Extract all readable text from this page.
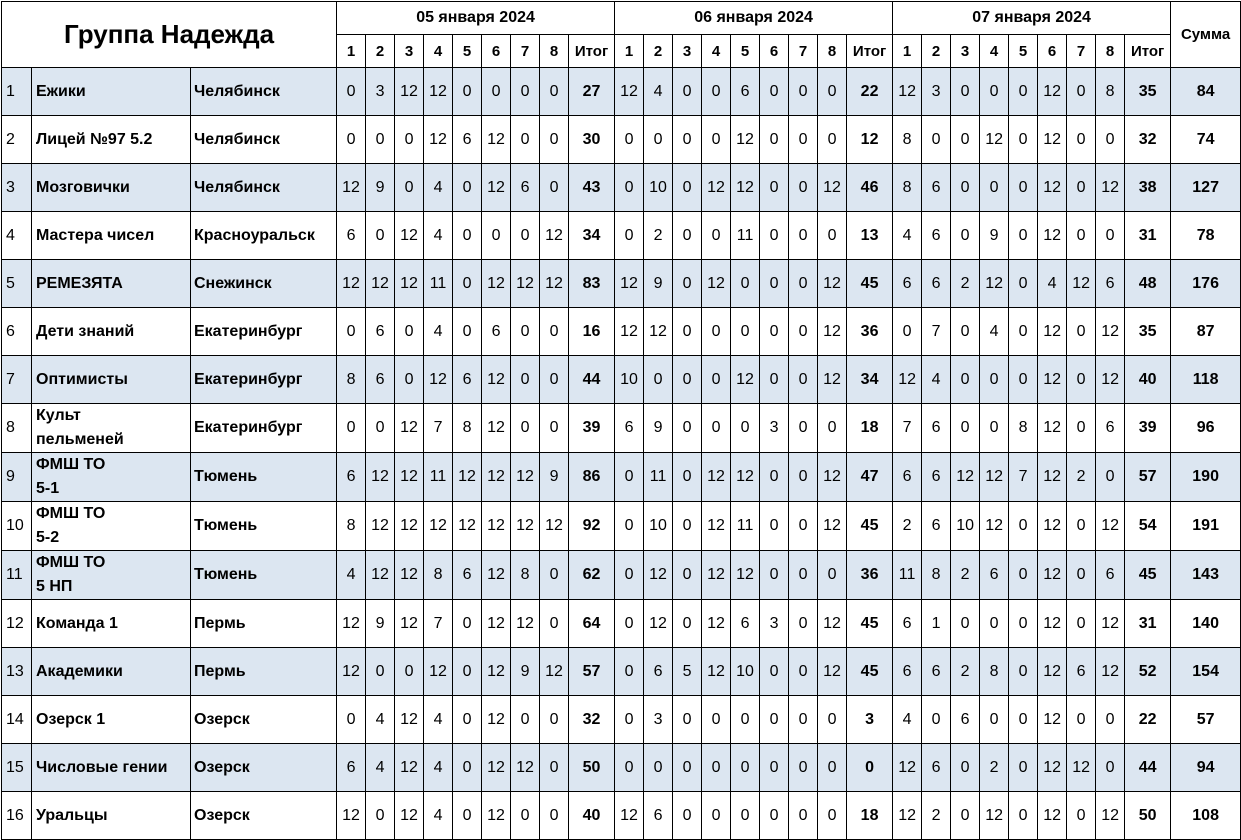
Группа Надежда			05 января 2024									06 января 2024									07 января 2024									Сумма
			1	2	3	4	5	6	7	8	Итог	1	2	3	4	5	6	7	8	Итог	1	2	3	4	5	6	7	8	Итог	
1	Ежики	Челябинск	0	3	12	12	0	0	0	0	27	12	4	0	0	6	0	0	0	22	12	3	0	0	0	12	0	8	35	84
2	Лицей №97 5.2	Челябинск	0	0	0	12	6	12	0	0	30	0	0	0	0	12	0	0	0	12	8	0	0	12	0	12	0	0	32	74
3	Мозговички	Челябинск	12	9	0	4	0	12	6	0	43	0	10	0	12	12	0	0	12	46	8	6	0	0	0	12	0	12	38	127
4	Мастера чисел	Красноуральск	6	0	12	4	0	0	0	12	34	0	2	0	0	11	0	0	0	13	4	6	0	9	0	12	0	0	31	78
5	РЕМЕЗЯТА	Снежинск	12	12	12	11	0	12	12	12	83	12	9	0	12	0	0	0	12	45	6	6	2	12	0	4	12	6	48	176
6	Дети знаний	Екатеринбург	0	6	0	4	0	6	0	0	16	12	12	0	0	0	0	0	12	36	0	7	0	4	0	12	0	12	35	87
7	Оптимисты	Екатеринбург	8	6	0	12	6	12	0	0	44	10	0	0	0	12	0	0	12	34	12	4	0	0	0	12	0	12	40	118
8	Культ
пельменей	Екатеринбург	0	0	12	7	8	12	0	0	39	6	9	0	0	0	3	0	0	18	7	6	0	0	8	12	0	6	39	96
9	ФМШ ТО
5-1	Тюмень	6	12	12	11	12	12	12	9	86	0	11	0	12	12	0	0	12	47	6	6	12	12	7	12	2	0	57	190
10	ФМШ ТО
5-2	Тюмень	8	12	12	12	12	12	12	12	92	0	10	0	12	11	0	0	12	45	2	6	10	12	0	12	0	12	54	191
11	ФМШ ТО
5 НП	Тюмень	4	12	12	8	6	12	8	0	62	0	12	0	12	12	0	0	0	36	11	8	2	6	0	12	0	6	45	143
12	Команда 1	Пермь	12	9	12	7	0	12	12	0	64	0	12	0	12	6	3	0	12	45	6	1	0	0	0	12	0	12	31	140
13	Академики	Пермь	12	0	0	12	0	12	9	12	57	0	6	5	12	10	0	0	12	45	6	6	2	8	0	12	6	12	52	154
14	Озерск 1	Озерск	0	4	12	4	0	12	0	0	32	0	3	0	0	0	0	0	0	3	4	0	6	0	0	12	0	0	22	57
15	Числовые гении	Озерск	6	4	12	4	0	12	12	0	50	0	0	0	0	0	0	0	0	0	12	6	0	2	0	12	12	0	44	94
16	Уральцы	Озерск	12	0	12	4	0	12	0	0	40	12	6	0	0	0	0	0	0	18	12	2	0	12	0	12	0	12	50	108
